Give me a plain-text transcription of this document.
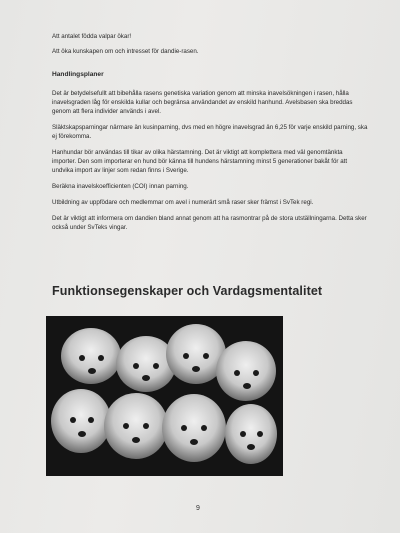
Att antalet födda valpar ökar!

Att öka kunskapen om och intresset för dandie-rasen.

Handlingsplaner

Det är betydelsefullt att bibehålla rasens genetiska variation genom att minska inavelsökningen i rasen, hålla inavelsgraden låg för enskilda kullar och begränsa användandet av enskild hanhund. Avelsbasen ska breddas genom att flera individer används i avel.

Släktskapsparningar närmare än kusinparning, dvs med en högre inavelsgrad än 6,25 för varje enskild parning, ska ej förekomma.

Hanhundar bör användas till tikar av olika härstamning. Det är viktigt att komplettera med väl genomtänkta importer. Den som importerar en hund bör känna till hundens härstamning minst 5 generationer bakåt för att undvika import av linjer som redan finns i Sverige.

Beräkna inavelskoefficienten (COI) innan parning.

Utbildning av uppfödare och medlemmar om avel i numerärt små raser sker främst i SvTek regi.

Det är viktigt att informera om dandien bland annat genom att ha rasmontrar på de stora utställningarna. Detta sker också under SvTeks vingar.

Funktionsegenskaper och Vardagsmentalitet
9
